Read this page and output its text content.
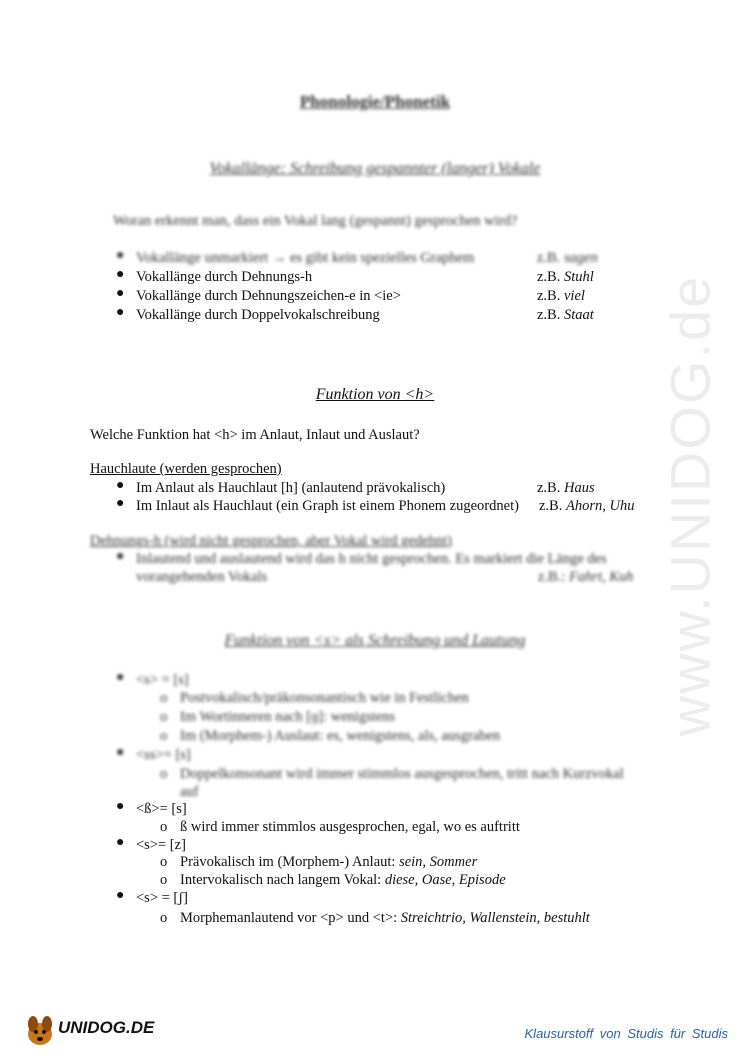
www.UNIDOG.de
Phonologie/Phonetik
Vokallänge: Schreibung gespannter (langer) Vokale
Woran erkennt man, dass ein Vokal lang (gespannt) gesprochen wird?
● Vokallänge unmarkiert → es gibt kein spezielles Graphem	z.B. sagen
● Vokallänge durch Dehnungs-h	z.B. Stuhl
● Vokallänge durch Dehnungszeichen-e in <ie>	z.B. viel
● Vokallänge durch Doppelvokalschreibung	z.B. Staat
Funktion von <h>
Welche Funktion hat <h> im Anlaut, Inlaut und Auslaut?
Hauchlaute (werden gesprochen)
● Im Anlaut als Hauchlaut [h] (anlautend prävokalisch)	z.B. Haus
● Im Inlaut als Hauchlaut (ein Graph ist einem Phonem zugeordnet) z.B. Ahorn, Uhu
Dehnungs-h (wird nicht gesprochen, aber Vokal wird gedehnt)
● Inlautend und auslautend wird das h nicht gesprochen. Es markiert die Länge des
vorangehenden Vokals	z.B.: Fahrt, Kuh
Funktion von <s> als Schreibung und Lautung
● <s> = [s]
o Postvokalisch/präkonsonantisch wie in Festlichen
o Im Wortinneren nach [ɡ]: wenigstens
o Im (Morphem-) Auslaut: es, wenigstens, als, ausgraben
● <ss>= [s]
o Doppelkonsonant wird immer stimmlos ausgesprochen, tritt nach Kurzvokal
auf
● <ß>= [s]
o ß wird immer stimmlos ausgesprochen, egal, wo es auftritt
● <s>= [z]
o Prävokalisch im (Morphem-) Anlaut: sein, Sommer
o Intervokalisch nach langem Vokal: diese, Oase, Episode
● <s> = [ʃ]
o Morphemanlautend vor <p> und <t>: Streichtrio, Wallenstein, bestuhlt
UNIDOG.DE	Klausurstoff von Studis für Studis
